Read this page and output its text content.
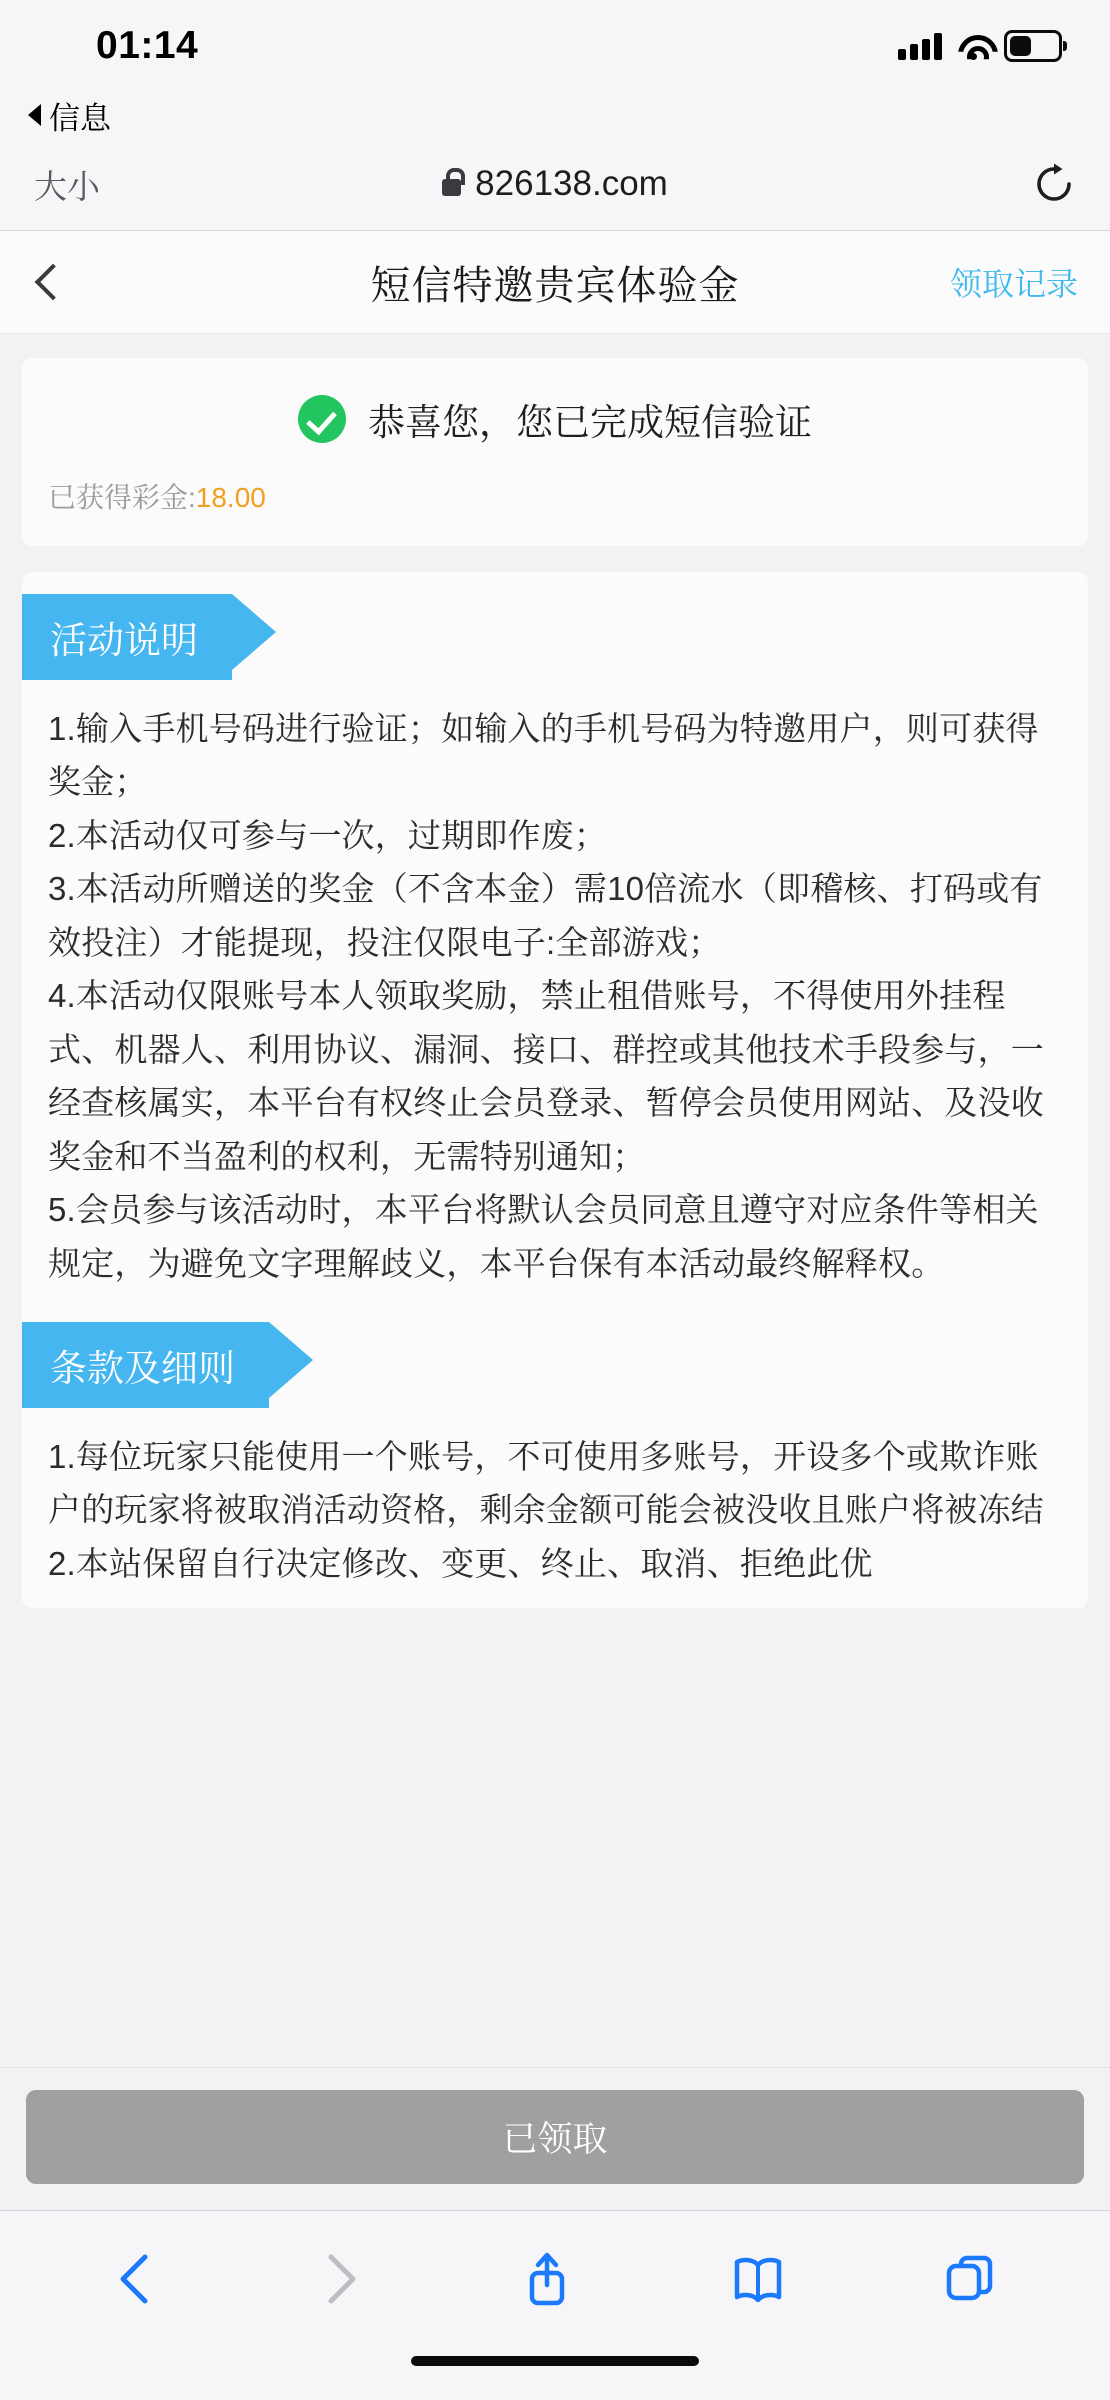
01:14
信息
大小	826138.com
短信特邀贵宾体验金	领取记录
恭喜您，您已完成短信验证
已获得彩金:18.00
活动说明

1.输入手机号码进行验证；如输入的手机号码为特邀用户，则可获得奖金；

2.本活动仅可参与一次，过期即作废；

3.本活动所赠送的奖金（不含本金）需10倍流水（即稽核、打码或有效投注）才能提现，投注仅限电子:全部游戏；

4.本活动仅限账号本人领取奖励，禁止租借账号，不得使用外挂程式、机器人、利用协议、漏洞、接口、群控或其他技术手段参与，一经查核属实，本平台有权终止会员登录、暂停会员使用网站、及没收奖金和不当盈利的权利，无需特别通知；

5.会员参与该活动时，本平台将默认会员同意且遵守对应条件等相关规定，为避免文字理解歧义，本平台保有本活动最终解释权。

条款及细则

1.每位玩家只能使用一个账号，不可使用多账号，开设多个或欺诈账户的玩家将被取消活动资格，剩余金额可能会被没收且账户将被冻结

2.本站保留自行决定修改、变更、终止、取消、拒绝此优

已领取
